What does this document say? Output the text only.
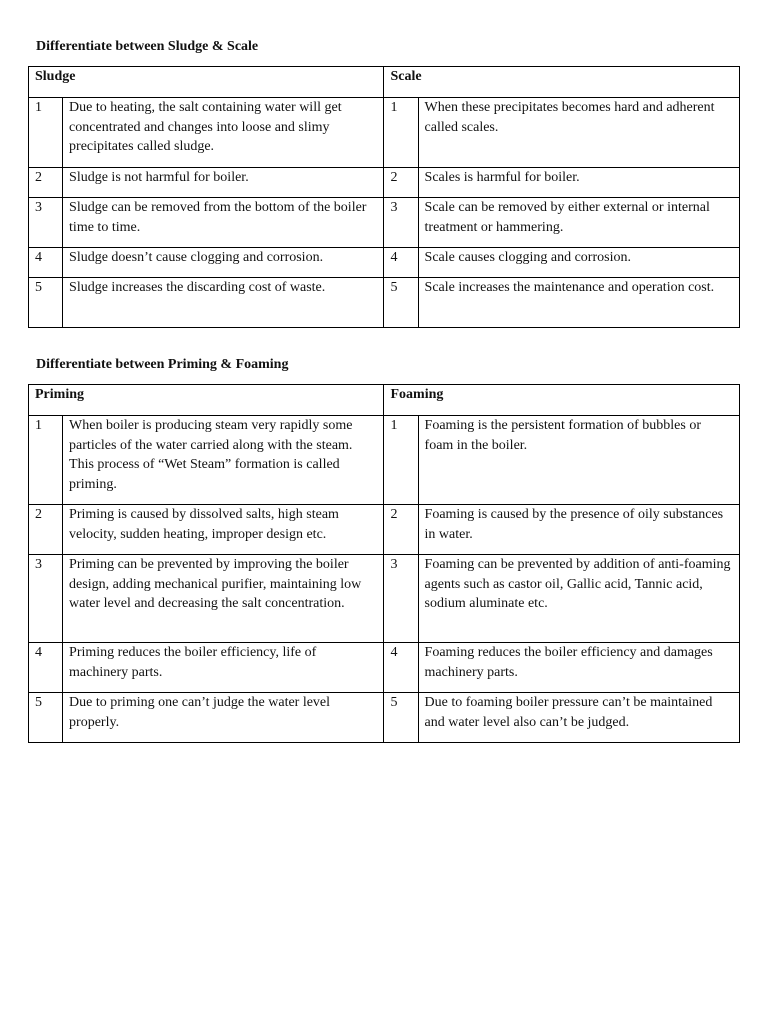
Differentiate between Sludge & Scale

Sludge		Scale	

1	Due to heating, the salt containing water will get concentrated and changes into loose and slimy precipitates called sludge.	1	When these precipitates becomes hard and adherent called scales.
2	Sludge is not harmful for boiler.	2	Scales is harmful for boiler.
3	Sludge can be removed from the bottom of the boiler time to time.	3	Scale can be removed by either external or internal treatment or hammering.
4	Sludge doesn’t cause clogging and corrosion.	4	Scale causes clogging and corrosion.
5	Sludge increases the discarding cost of waste.	5	Scale increases the maintenance and operation cost.

Differentiate between Priming & Foaming

Priming		Foaming	

1	When boiler is producing steam very rapidly some particles of the water carried along with the steam. This process of “Wet Steam” formation is called priming.	1	Foaming is the persistent formation of bubbles or foam in the boiler.
2	Priming is caused by dissolved salts, high steam velocity, sudden heating, improper design etc.	2	Foaming is caused by the presence of oily substances in water.
3	Priming can be prevented by improving the boiler design, adding mechanical purifier, maintaining low water level and decreasing the salt concentration.	3	Foaming can be prevented by addition of anti-foaming agents such as castor oil, Gallic acid, Tannic acid, sodium aluminate etc.
4	Priming reduces the boiler efficiency, life of machinery parts.	4	Foaming reduces the boiler efficiency and damages machinery parts.
5	Due to priming one can’t judge the water level properly.	5	Due to foaming boiler pressure can’t be maintained and water level also can’t be judged.
